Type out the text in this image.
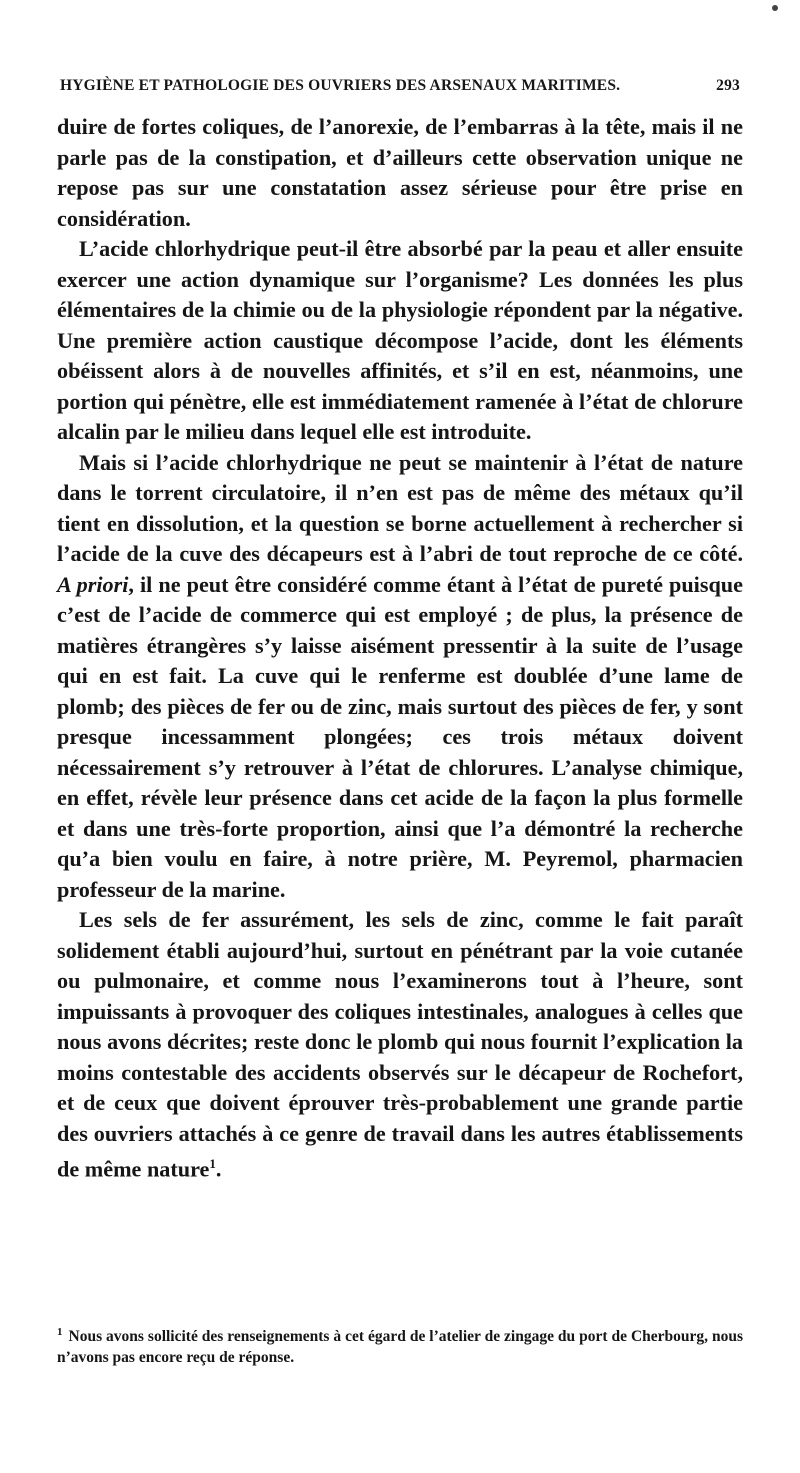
HYGIÈNE ET PATHOLOGIE DES OUVRIERS DES ARSENAUX MARITIMES.	293

duire de fortes coliques, de l’anorexie, de l’embarras à la tête, mais il ne parle pas de la constipation, et d’ailleurs cette observation unique ne repose pas sur une constatation assez sérieuse pour être prise en considération.

L’acide chlorhydrique peut-il être absorbé par la peau et aller ensuite exercer une action dynamique sur l’organisme? Les données les plus élémentaires de la chimie ou de la physiologie répondent par la négative. Une première action caustique décompose l’acide, dont les éléments obéissent alors à de nouvelles affinités, et s’il en est, néanmoins, une portion qui pénètre, elle est immédiatement ramenée à l’état de chlorure alcalin par le milieu dans lequel elle est introduite.

Mais si l’acide chlorhydrique ne peut se maintenir à l’état de nature dans le torrent circulatoire, il n’en est pas de même des métaux qu’il tient en dissolution, et la question se borne actuellement à rechercher si l’acide de la cuve des décapeurs est à l’abri de tout reproche de ce côté. A priori, il ne peut être considéré comme étant à l’état de pureté puisque c’est de l’acide de commerce qui est employé ; de plus, la présence de matières étrangères s’y laisse aisément pressentir à la suite de l’usage qui en est fait. La cuve qui le renferme est doublée d’une lame de plomb; des pièces de fer ou de zinc, mais surtout des pièces de fer, y sont presque incessamment plongées; ces trois métaux doivent nécessairement s’y retrouver à l’état de chlorures. L’analyse chimique, en effet, révèle leur présence dans cet acide de la façon la plus formelle et dans une très-forte proportion, ainsi que l’a démontré la recherche qu’a bien voulu en faire, à notre prière, M. Peyremol, pharmacien professeur de la marine.

Les sels de fer assurément, les sels de zinc, comme le fait paraît solidement établi aujourd’hui, surtout en pénétrant par la voie cutanée ou pulmonaire, et comme nous l’examinerons tout à l’heure, sont impuissants à provoquer des coliques intestinales, analogues à celles que nous avons décrites; reste donc le plomb qui nous fournit l’explication la moins contestable des accidents observés sur le décapeur de Rochefort, et de ceux que doivent éprouver très-probablement une grande partie des ouvriers attachés à ce genre de travail dans les autres établissements de même nature$^1$.

$^1$ Nous avons sollicité des renseignements à cet égard de l’atelier de zingage du port de Cherbourg, nous n’avons pas encore reçu de réponse.
